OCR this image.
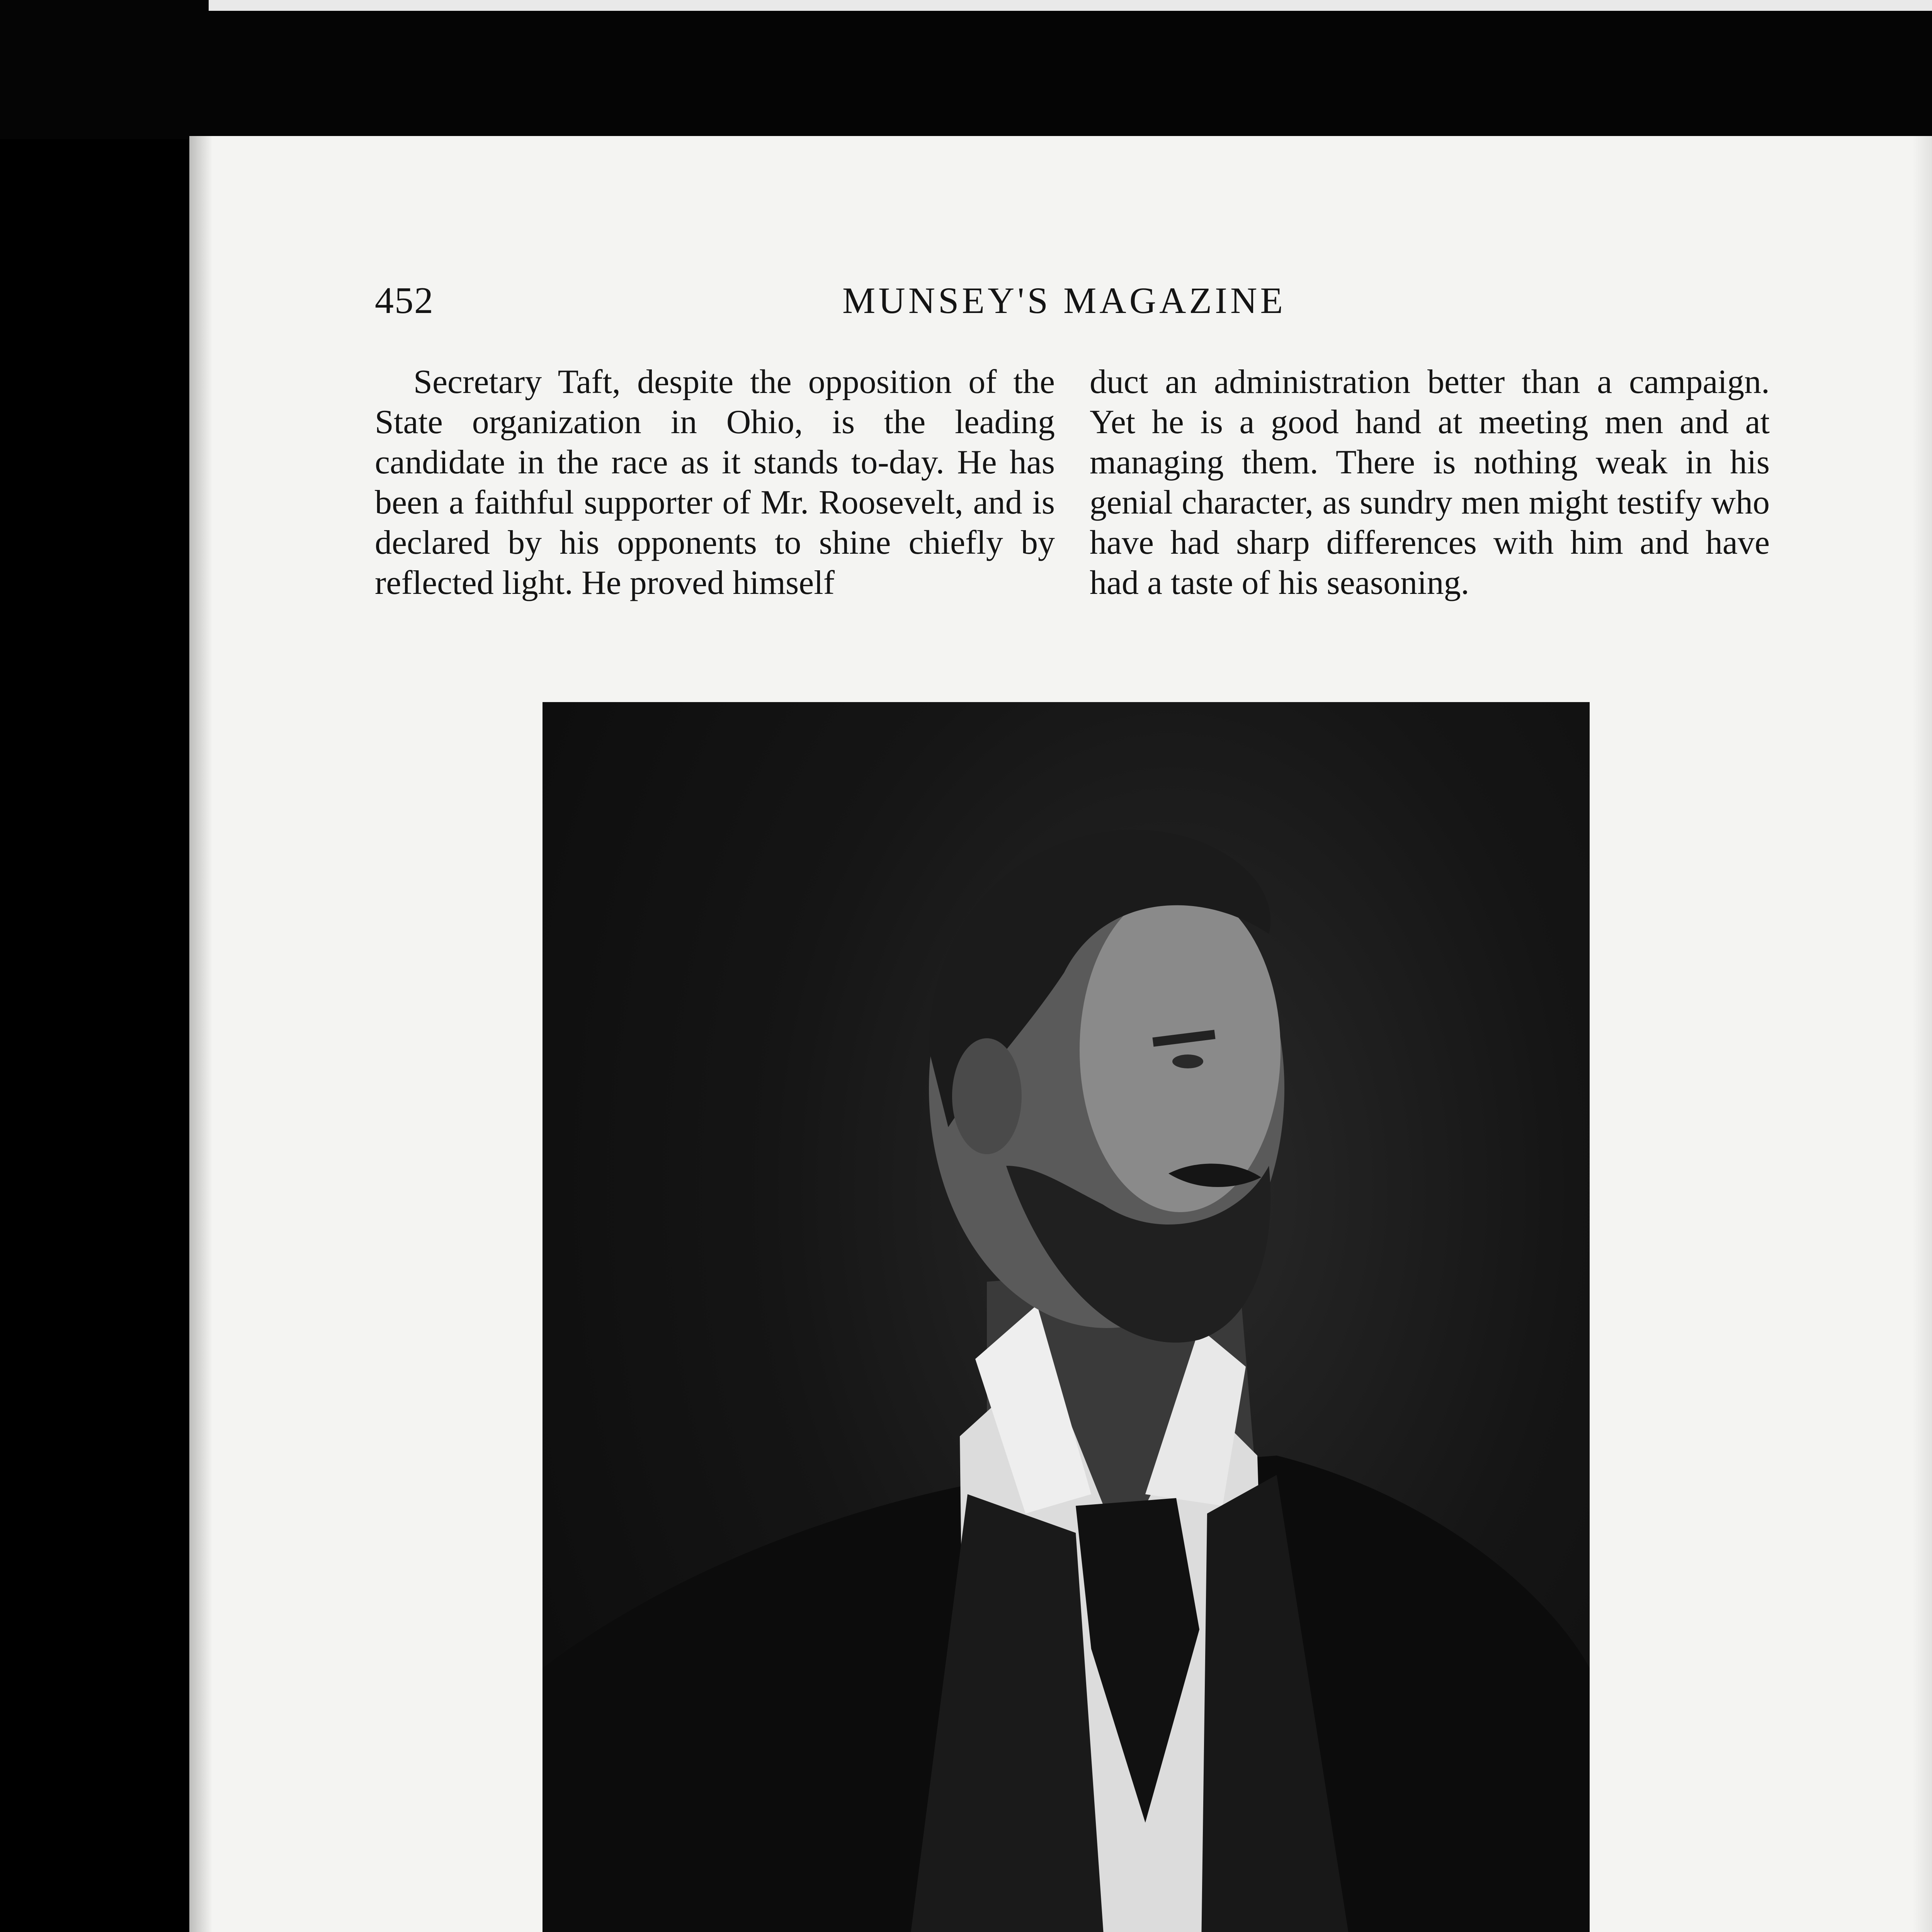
452	MUNSEY'S MAGAZINE

Secretary Taft, despite the opposition of the State organization in Ohio, is the leading candidate in the race as it stands to-day. He has been a faithful supporter of Mr. Roosevelt, and is declared by his opponents to shine chiefly by reflected light. He proved himself

duct an administration better than a campaign. Yet he is a good hand at meeting men and at managing them. There is nothing weak in his genial character, as sundry men might testify who have had sharp differences with him and have had a taste of his seasoning.
